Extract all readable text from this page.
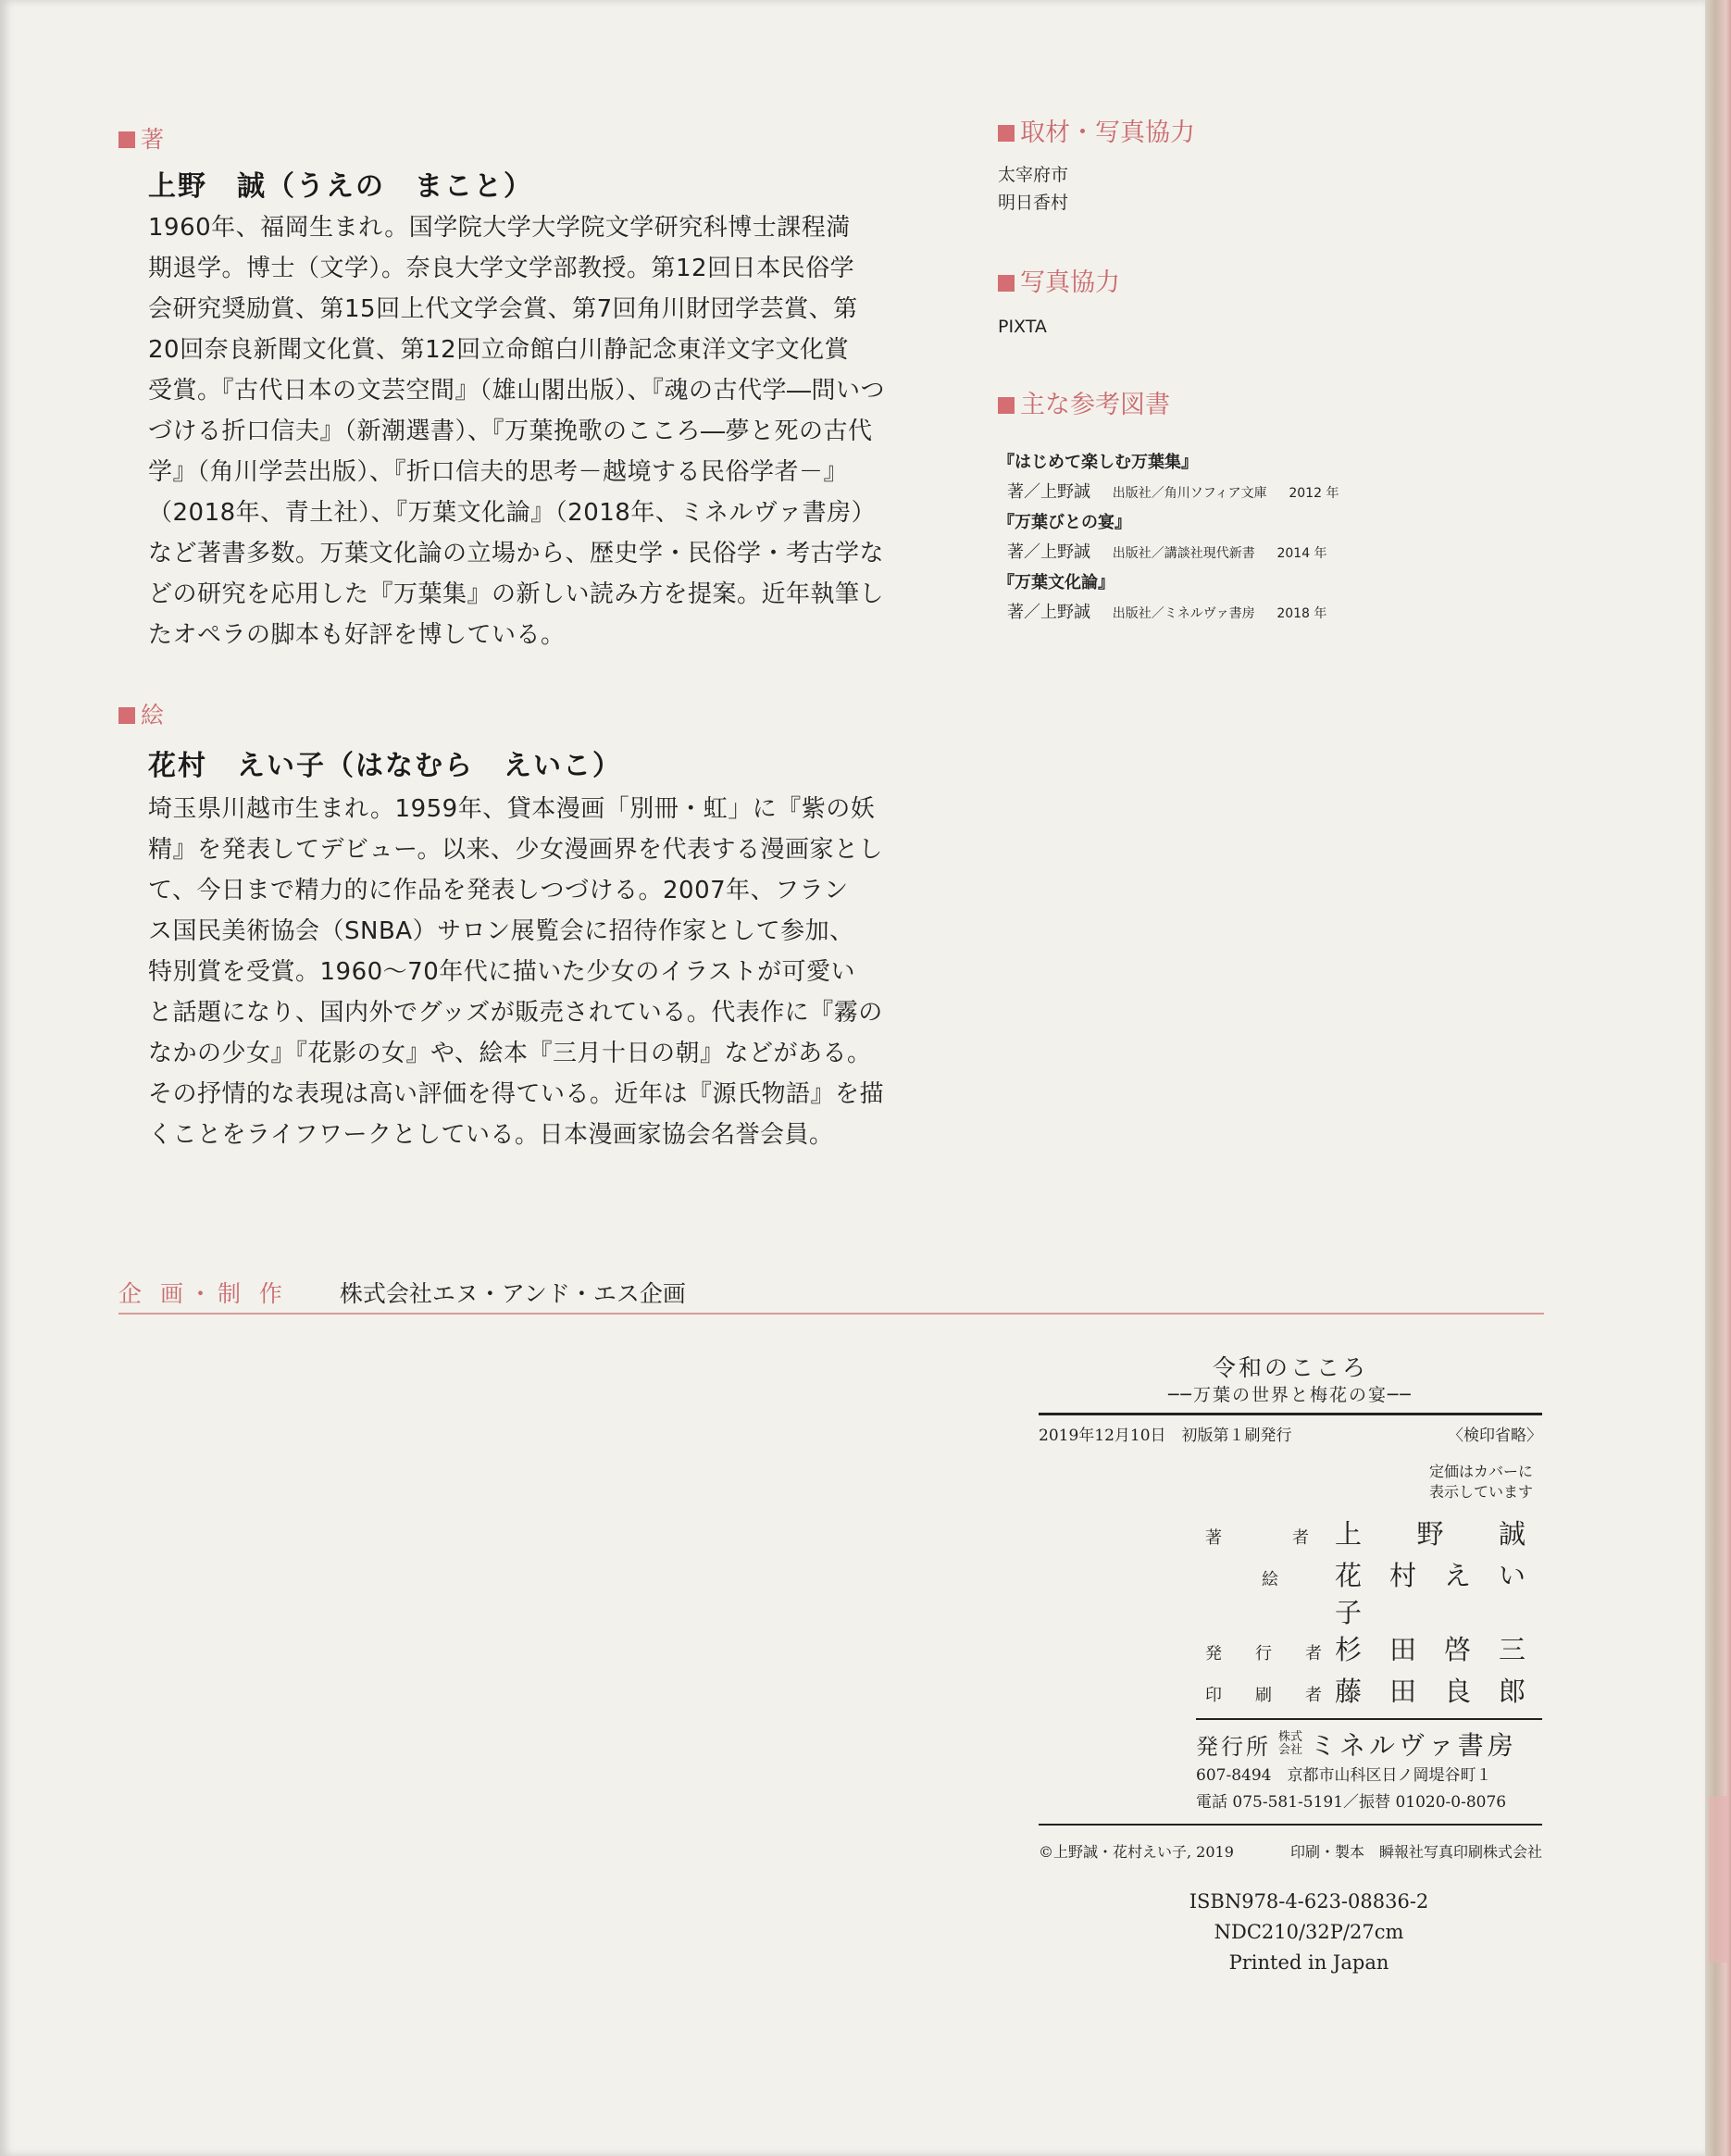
著
上野　誠（うえの　まこと）

1960年、福岡生まれ。国学院大学大学院文学研究科博士課程満

期退学。博士（文学）。奈良大学文学部教授。第12回日本民俗学

会研究奨励賞、第15回上代文学会賞、第7回角川財団学芸賞、第

20回奈良新聞文化賞、第12回立命館白川静記念東洋文字文化賞

受賞。『古代日本の文芸空間』（雄山閣出版）、『魂の古代学―問いつ

づける折口信夫』（新潮選書）、『万葉挽歌のこころ―夢と死の古代

学』（角川学芸出版）、『折口信夫的思考－越境する民俗学者－』

（2018年、青土社）、『万葉文化論』（2018年、ミネルヴァ書房）

など著書多数。万葉文化論の立場から、歴史学・民俗学・考古学な

どの研究を応用した『万葉集』の新しい読み方を提案。近年執筆し

たオペラの脚本も好評を博している。

絵
花村　えい子（はなむら　えいこ）

埼玉県川越市生まれ。1959年、貸本漫画「別冊・虹」に『紫の妖

精』を発表してデビュー。以来、少女漫画界を代表する漫画家とし

て、今日まで精力的に作品を発表しつづける。2007年、フラン

ス国民美術協会（SNBA）サロン展覧会に招待作家として参加、

特別賞を受賞。1960～70年代に描いた少女のイラストが可愛い

と話題になり、国内外でグッズが販売されている。代表作に『霧の

なかの少女』『花影の女』や、絵本『三月十日の朝』などがある。

その抒情的な表現は高い評価を得ている。近年は『源氏物語』を描

くことをライフワークとしている。日本漫画家協会名誉会員。

取材・写真協力
太宰府市
明日香村
写真協力
PIXTA
主な参考図書
『はじめて楽しむ万葉集』
著／上野誠　 出版社／角川ソフィア文庫　 2012 年
『万葉びとの宴』
著／上野誠　 出版社／講談社現代新書　 2014 年
『万葉文化論』
著／上野誠　 出版社／ミネルヴァ書房　 2018 年
企 画・制 作 株式会社エヌ・アンド・エス企画
令和のこころ
──万葉の世界と梅花の宴──
2019年12月10日　初版第１刷発行	〈検印省略〉
定価はカバーに
表示しています
著者 上野誠
絵	花村えい子
発行者 杉田啓三
印刷者 藤田良郎
発行所 株式
会社 ミネルヴァ書房
607-8494　京都市山科区日ノ岡堤谷町１
電話 075-581-5191／振替 01020-0-8076
©上野誠・花村えい子, 2019	印刷・製本　瞬報社写真印刷株式会社
ISBN978-4-623-08836-2
NDC210/32P/27cm
Printed in Japan
